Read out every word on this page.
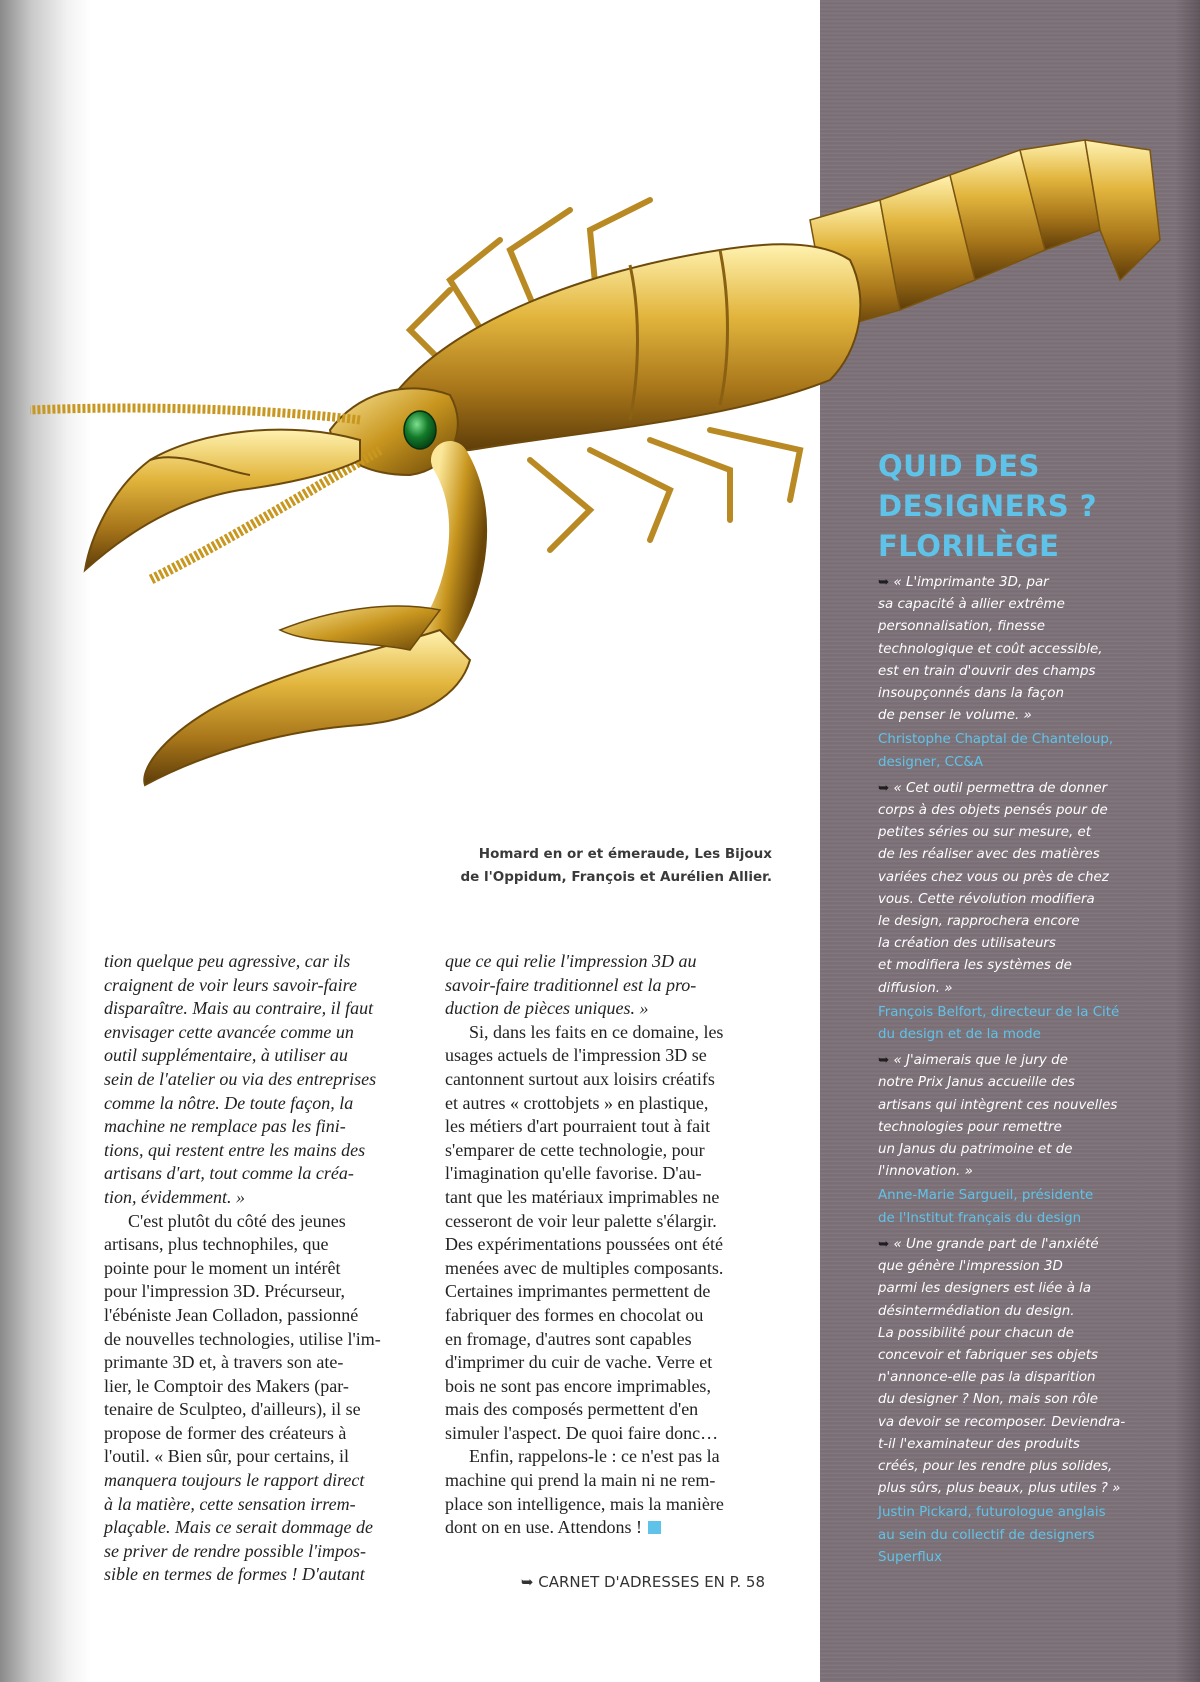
Homard en or et émeraude, Les Bijoux
de l'Oppidum, François et Aurélien Allier.
QUID DES
DESIGNERS ?
FLORILÈGE
➥ « L'imprimante 3D, par

sa capacité à allier extrême
personnalisation, finesse
technologique et coût accessible,
est en train d'ouvrir des champs
insoupçonnés dans la façon
de penser le volume. »
Christophe Chaptal de Chanteloup,
designer, CC&A
➥ « Cet outil permettra de donner

corps à des objets pensés pour de
petites séries ou sur mesure, et
de les réaliser avec des matières
variées chez vous ou près de chez
vous. Cette révolution modifiera
le design, rapprochera encore
la création des utilisateurs
et modifiera les systèmes de
diffusion. »
François Belfort, directeur de la Cité
du design et de la mode
➥ « J'aimerais que le jury de

notre Prix Janus accueille des
artisans qui intègrent ces nouvelles
technologies pour remettre
un Janus du patrimoine et de
l'innovation. »
Anne-Marie Sargueil, présidente
de l'Institut français du design
➥ « Une grande part de l'anxiété

que génère l'impression 3D
parmi les designers est liée à la
désintermédiation du design.
La possibilité pour chacun de
concevoir et fabriquer ses objets
n'annonce-elle pas la disparition
du designer ? Non, mais son rôle
va devoir se recomposer. Deviendra-
t-il l'examinateur des produits
créés, pour les rendre plus solides,
plus sûrs, plus beaux, plus utiles ? »
Justin Pickard, futurologue anglais
au sein du collectif de designers
Superflux
tion quelque peu agressive, car ils
craignent de voir leurs savoir-faire
disparaître. Mais au contraire, il faut
envisager cette avancée comme un
outil supplémentaire, à utiliser au
sein de l'atelier ou via des entreprises
comme la nôtre. De toute façon, la
machine ne remplace pas les fini-
tions, qui restent entre les mains des
artisans d'art, tout comme la créa-
tion, évidemment. »
C'est plutôt du côté des jeunes
artisans, plus technophiles, que
pointe pour le moment un intérêt
pour l'impression 3D. Précurseur,
l'ébéniste Jean Colladon, passionné
de nouvelles technologies, utilise l'im-
primante 3D et, à travers son ate-
lier, le Comptoir des Makers (par-
tenaire de Sculpteo, d'ailleurs), il se
propose de former des créateurs à
l'outil. « Bien sûr, pour certains, il
manquera toujours le rapport direct
à la matière, cette sensation irrem-
plaçable. Mais ce serait dommage de
se priver de rendre possible l'impos-
sible en termes de formes ! D'autant
que ce qui relie l'impression 3D au
savoir-faire traditionnel est la pro-
duction de pièces uniques. »
Si, dans les faits en ce domaine, les
usages actuels de l'impression 3D se
cantonnent surtout aux loisirs créatifs
et autres « crottobjets » en plastique,
les métiers d'art pourraient tout à fait
s'emparer de cette technologie, pour
l'imagination qu'elle favorise. D'au-
tant que les matériaux imprimables ne
cesseront de voir leur palette s'élargir.
Des expérimentations poussées ont été
menées avec de multiples composants.
Certaines imprimantes permettent de
fabriquer des formes en chocolat ou
en fromage, d'autres sont capables
d'imprimer du cuir de vache. Verre et
bois ne sont pas encore imprimables,
mais des composés permettent d'en
simuler l'aspect. De quoi faire donc…
Enfin, rappelons-le : ce n'est pas la
machine qui prend la main ni ne rem-
place son intelligence, mais la manière
dont on en use. Attendons !
➥ CARNET D'ADRESSES EN P. 58
